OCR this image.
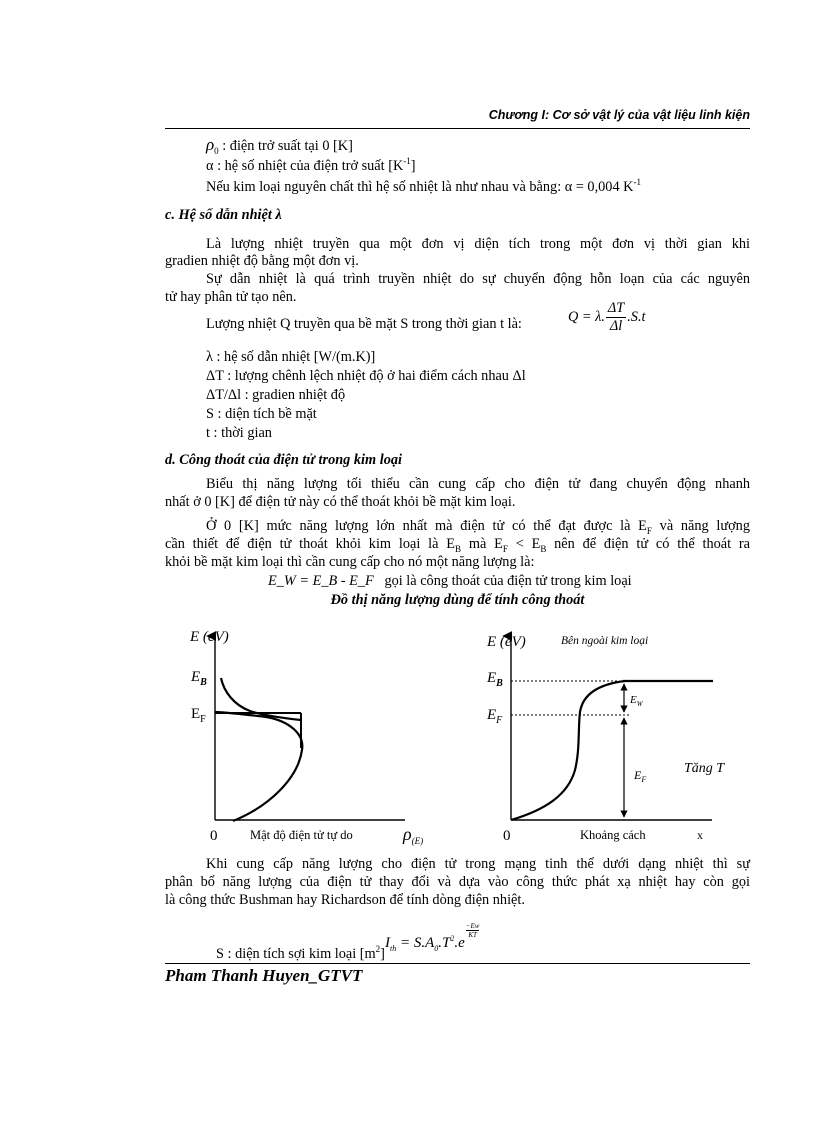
Chương I: Cơ sở vật lý của vật liệu linh kiện
$\rho_0$ : điện trở suất tại 0 [K]
α : hệ số nhiệt của điện trở suất $[K^{-1}]$
Nếu kim loại nguyên chất thì hệ số nhiệt là như nhau và bằng: α = 0,004 $K^{-1}$
c. Hệ số dẫn nhiệt λ
Là lượng nhiệt truyền qua một đơn vị diện tích trong một đơn vị thời gian khi
gradien nhiệt độ bằng một đơn vị.
Sự dẫn nhiệt là quá trình truyền nhiệt do sự chuyển động hỗn loạn của các nguyên
tử hay phân tử tạo nên.
Lượng nhiệt Q truyền qua bề mặt S trong thời gian t là:	Q = λ. $\frac{\Delta T}{\Delta l} .S.t$
λ : hệ số dẫn nhiệt [W/(m.K)]
ΔT : lượng chênh lệch nhiệt độ ở hai điểm cách nhau Δl
ΔT/Δl : gradien nhiệt độ
S : diện tích bề mặt
t : thời gian
d. Công thoát của điện tử trong kim loại
Biểu thị năng lượng tối thiểu cần cung cấp cho điện tử đang chuyển động nhanh
nhất ở 0 [K] để điện tử này có thể thoát khỏi bề mặt kim loại.
Ở 0 [K] mức năng lượng lớn nhất mà điện tử có thể đạt được là $E_F$ và năng lượng
cần thiết để điện tử thoát khỏi kim loại là $E_B$ mà $E_F < E_B$ nên để điện tử có thể thoát ra
khỏi bề mặt kim loại thì cần cung cấp cho nó một năng lượng là:
E_W = E_B - E_F gọi là công thoát của điện tử trong kim loại
Đồ thị năng lượng dùng để tính công thoát
E (eV)
$E_B$
$E_F$
0	Mật độ điện tử tự do	$\rho_{(E)}$
E (eV)	Bên ngoài kim loại
$E_B$
$E_F$
$E_W$
$E_F$
Tăng T
0	Khoảng cách	x
Khi cung cấp năng lượng cho điện tử trong mạng tinh thể dưới dạng nhiệt thì sự
phân bố năng lượng của điện tử thay đổi và dựa vào công thức phát xạ nhiệt hay còn gọi
là công thức Bushman hay Richardson để tính dòng điện nhiệt.
$I_{th} = S.A_0.T^2.e$
$\frac{-Ew}{KT}$
S : diện tích sợi kim loại $[m^2]$
Pham Thanh Huyen_GTVT
